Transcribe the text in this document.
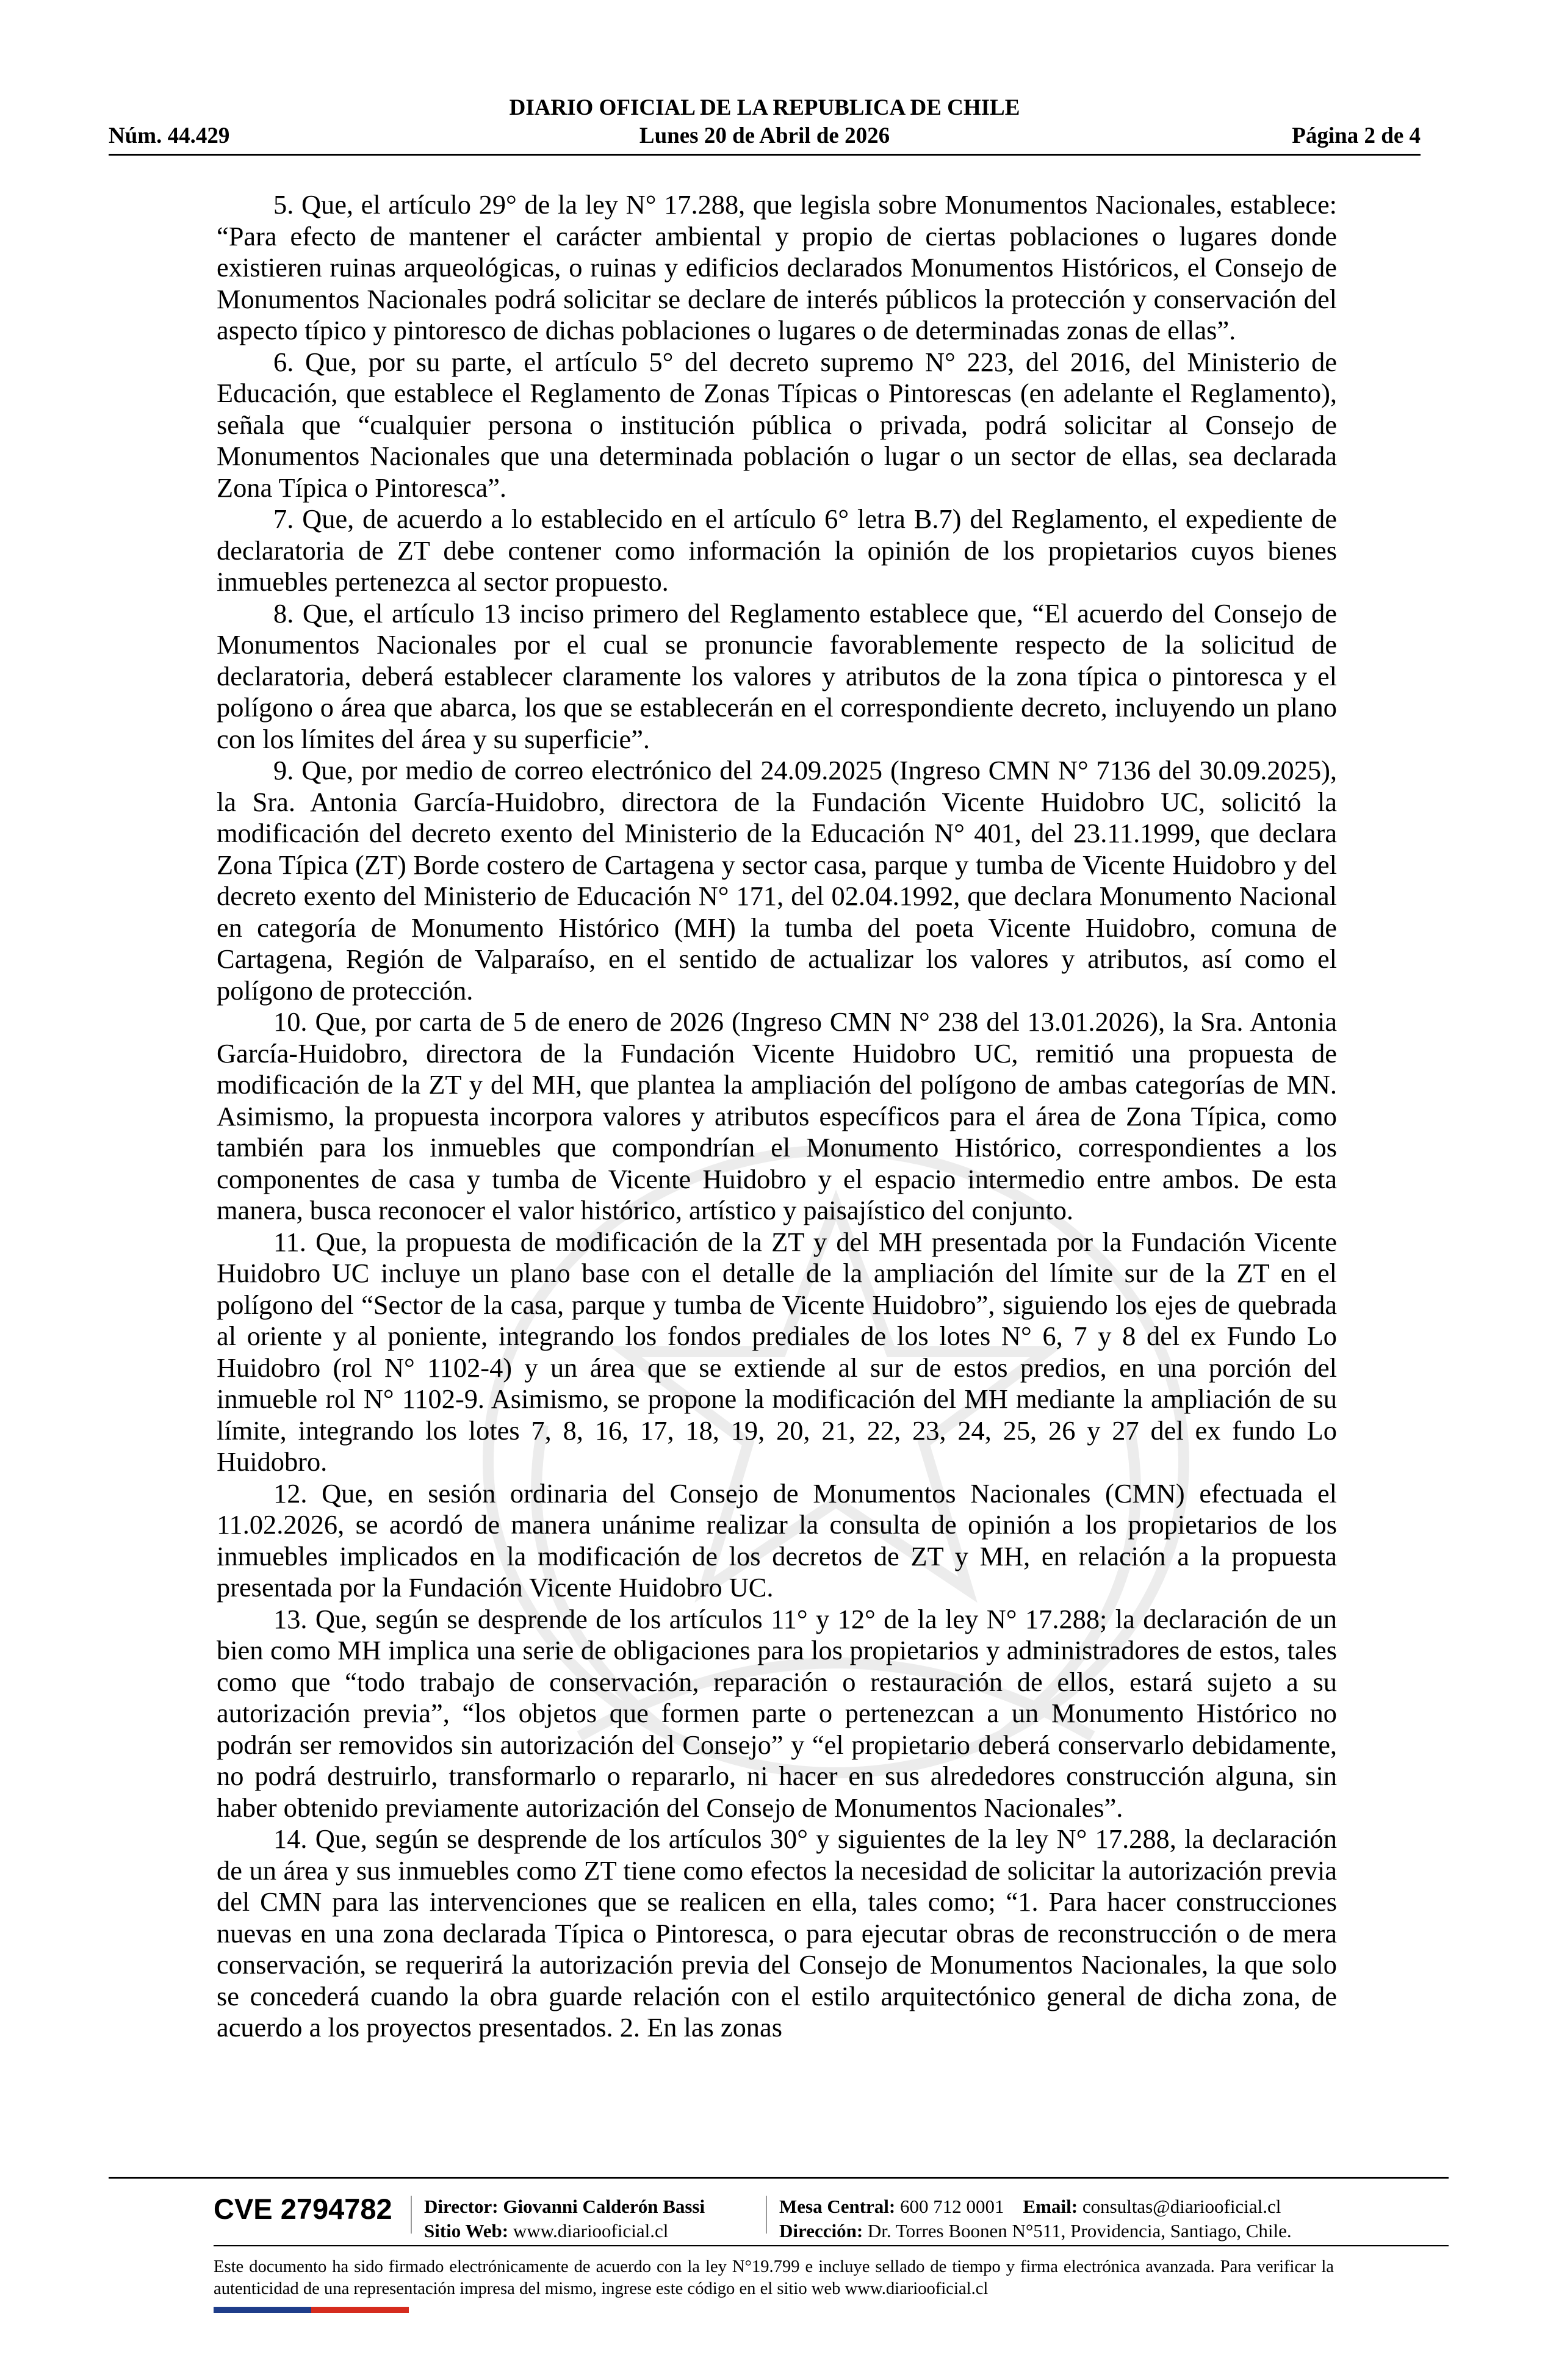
DIARIO OFICIAL DE LA REPUBLICA DE CHILE
Núm. 44.429	Lunes 20 de Abril de 2026	Página 2 de 4

5. Que, el artículo 29° de la ley N° 17.288, que legisla sobre Monumentos Nacionales, establece: “Para efecto de mantener el carácter ambiental y propio de ciertas poblaciones o lugares donde existieren ruinas arqueológicas, o ruinas y edificios declarados Monumentos Históricos, el Consejo de Monumentos Nacionales podrá solicitar se declare de interés públicos la protección y conservación del aspecto típico y pintoresco de dichas poblaciones o lugares o de determinadas zonas de ellas”.

6. Que, por su parte, el artículo 5° del decreto supremo N° 223, del 2016, del Ministerio de Educación, que establece el Reglamento de Zonas Típicas o Pintorescas (en adelante el Reglamento), señala que “cualquier persona o institución pública o privada, podrá solicitar al Consejo de Monumentos Nacionales que una determinada población o lugar o un sector de ellas, sea declarada Zona Típica o Pintoresca”.

7. Que, de acuerdo a lo establecido en el artículo 6° letra B.7) del Reglamento, el expediente de declaratoria de ZT debe contener como información la opinión de los propietarios cuyos bienes inmuebles pertenezca al sector propuesto.

8. Que, el artículo 13 inciso primero del Reglamento establece que, “El acuerdo del Consejo de Monumentos Nacionales por el cual se pronuncie favorablemente respecto de la solicitud de declaratoria, deberá establecer claramente los valores y atributos de la zona típica o pintoresca y el polígono o área que abarca, los que se establecerán en el correspondiente decreto, incluyendo un plano con los límites del área y su superficie”.

9. Que, por medio de correo electrónico del 24.09.2025 (Ingreso CMN N° 7136 del 30.09.2025), la Sra. Antonia García-Huidobro, directora de la Fundación Vicente Huidobro UC, solicitó la modificación del decreto exento del Ministerio de la Educación N° 401, del 23.11.1999, que declara Zona Típica (ZT) Borde costero de Cartagena y sector casa, parque y tumba de Vicente Huidobro y del decreto exento del Ministerio de Educación N° 171, del 02.04.1992, que declara Monumento Nacional en categoría de Monumento Histórico (MH) la tumba del poeta Vicente Huidobro, comuna de Cartagena, Región de Valparaíso, en el sentido de actualizar los valores y atributos, así como el polígono de protección.

10. Que, por carta de 5 de enero de 2026 (Ingreso CMN N° 238 del 13.01.2026), la Sra. Antonia García-Huidobro, directora de la Fundación Vicente Huidobro UC, remitió una propuesta de modificación de la ZT y del MH, que plantea la ampliación del polígono de ambas categorías de MN. Asimismo, la propuesta incorpora valores y atributos específicos para el área de Zona Típica, como también para los inmuebles que compondrían el Monumento Histórico, correspondientes a los componentes de casa y tumba de Vicente Huidobro y el espacio intermedio entre ambos. De esta manera, busca reconocer el valor histórico, artístico y paisajístico del conjunto.

11. Que, la propuesta de modificación de la ZT y del MH presentada por la Fundación Vicente Huidobro UC incluye un plano base con el detalle de la ampliación del límite sur de la ZT en el polígono del “Sector de la casa, parque y tumba de Vicente Huidobro”, siguiendo los ejes de quebrada al oriente y al poniente, integrando los fondos prediales de los lotes N° 6, 7 y 8 del ex Fundo Lo Huidobro (rol N° 1102-4) y un área que se extiende al sur de estos predios, en una porción del inmueble rol N° 1102-9. Asimismo, se propone la modificación del MH mediante la ampliación de su límite, integrando los lotes 7, 8, 16, 17, 18, 19, 20, 21, 22, 23, 24, 25, 26 y 27 del ex fundo Lo Huidobro.

12. Que, en sesión ordinaria del Consejo de Monumentos Nacionales (CMN) efectuada el 11.02.2026, se acordó de manera unánime realizar la consulta de opinión a los propietarios de los inmuebles implicados en la modificación de los decretos de ZT y MH, en relación a la propuesta presentada por la Fundación Vicente Huidobro UC.

13. Que, según se desprende de los artículos 11° y 12° de la ley N° 17.288; la declaración de un bien como MH implica una serie de obligaciones para los propietarios y administradores de estos, tales como que “todo trabajo de conservación, reparación o restauración de ellos, estará sujeto a su autorización previa”, “los objetos que formen parte o pertenezcan a un Monumento Histórico no podrán ser removidos sin autorización del Consejo” y “el propietario deberá conservarlo debidamente, no podrá destruirlo, transformarlo o repararlo, ni hacer en sus alrededores construcción alguna, sin haber obtenido previamente autorización del Consejo de Monumentos Nacionales”.

14. Que, según se desprende de los artículos 30° y siguientes de la ley N° 17.288, la declaración de un área y sus inmuebles como ZT tiene como efectos la necesidad de solicitar la autorización previa del CMN para las intervenciones que se realicen en ella, tales como; “1. Para hacer construcciones nuevas en una zona declarada Típica o Pintoresca, o para ejecutar obras de reconstrucción o de mera conservación, se requerirá la autorización previa del Consejo de Monumentos Nacionales, la que solo se concederá cuando la obra guarde relación con el estilo arquitectónico general de dicha zona, de acuerdo a los proyectos presentados. 2. En las zonas

CVE 2794782 Director: Giovanni Calderón Bassi
Sitio Web: www.diariooficial.cl
Mesa Central: 600 712 0001 Email: consultas@diariooficial.cl
Dirección: Dr. Torres Boonen N°511, Providencia, Santiago, Chile.
Este documento ha sido firmado electrónicamente de acuerdo con la ley N°19.799 e incluye sellado de tiempo y firma electrónica avanzada. Para verificar la autenticidad de una representación impresa del mismo, ingrese este código en el sitio web www.diariooficial.cl
